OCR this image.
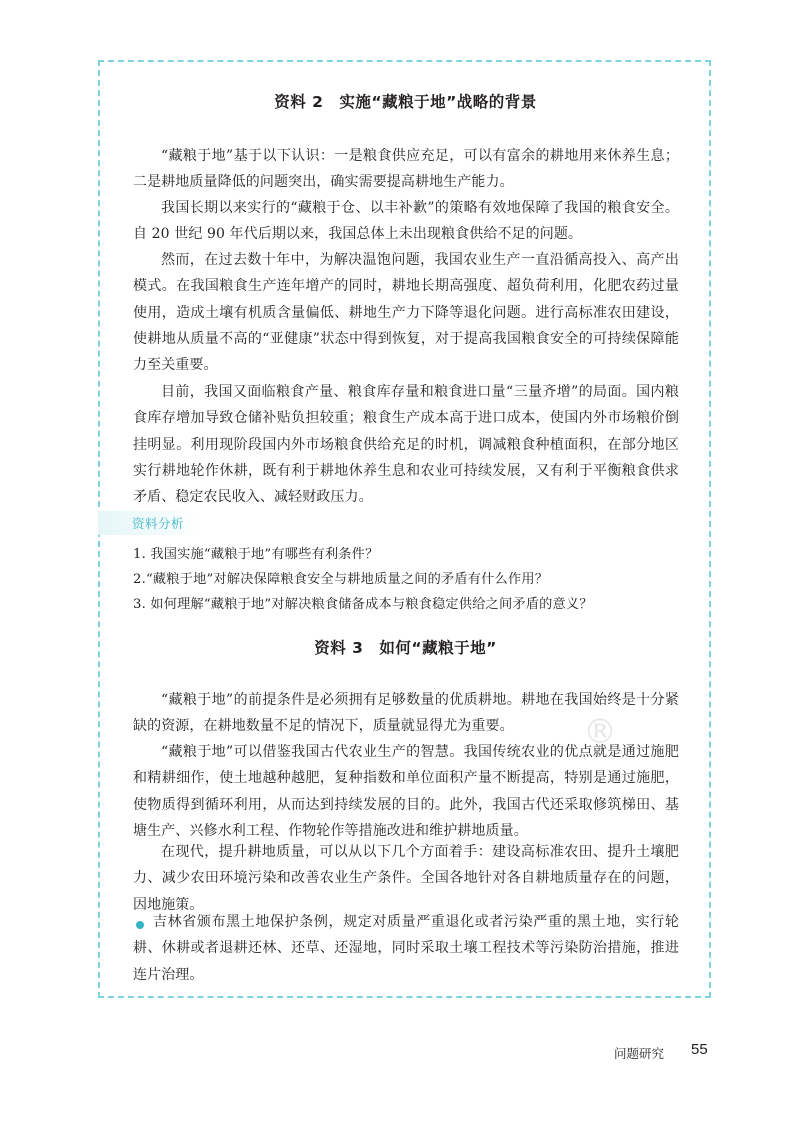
资料 2　实施“藏粮于地”战略的背景

“藏粮于地”基于以下认识：一是粮食供应充足，可以有富余的耕地用来休养生息；二是耕地质量降低的问题突出，确实需要提高耕地生产能力。

我国长期以来实行的“藏粮于仓、以丰补歉”的策略有效地保障了我国的粮食安全。自 20 世纪 90 年代后期以来，我国总体上未出现粮食供给不足的问题。

然而，在过去数十年中，为解决温饱问题，我国农业生产一直沿循高投入、高产出模式。在我国粮食生产连年增产的同时，耕地长期高强度、超负荷利用，化肥农药过量使用，造成土壤有机质含量偏低、耕地生产力下降等退化问题。进行高标准农田建设，使耕地从质量不高的“亚健康”状态中得到恢复，对于提高我国粮食安全的可持续保障能力至关重要。

目前，我国又面临粮食产量、粮食库存量和粮食进口量“三量齐增”的局面。国内粮食库存增加导致仓储补贴负担较重；粮食生产成本高于进口成本，使国内外市场粮价倒挂明显。利用现阶段国内外市场粮食供给充足的时机，调减粮食种植面积，在部分地区实行耕地轮作休耕，既有利于耕地休养生息和农业可持续发展，又有利于平衡粮食供求矛盾、稳定农民收入、减轻财政压力。

资料分析

1. 我国实施“藏粮于地”有哪些有利条件？

2.“藏粮于地”对解决保障粮食安全与耕地质量之间的矛盾有什么作用？

3. 如何理解“藏粮于地”对解决粮食储备成本与粮食稳定供给之间矛盾的意义？

资料 3　如何“藏粮于地”
®

“藏粮于地”的前提条件是必须拥有足够数量的优质耕地。耕地在我国始终是十分紧缺的资源，在耕地数量不足的情况下，质量就显得尤为重要。

“藏粮于地”可以借鉴我国古代农业生产的智慧。我国传统农业的优点就是通过施肥和精耕细作，使土地越种越肥，复种指数和单位面积产量不断提高，特别是通过施肥，使物质得到循环利用，从而达到持续发展的目的。此外，我国古代还采取修筑梯田、基塘生产、兴修水利工程、作物轮作等措施改进和维护耕地质量。

在现代，提升耕地质量，可以从以下几个方面着手：建设高标准农田、提升土壤肥力、减少农田环境污染和改善农业生产条件。全国各地针对各自耕地质量存在的问题，因地施策。

吉林省颁布黑土地保护条例，规定对质量严重退化或者污染严重的黑土地，实行轮耕、休耕或者退耕还林、还草、还湿地，同时采取土壤工程技术等污染防治措施，推进连片治理。

问题研究 55
